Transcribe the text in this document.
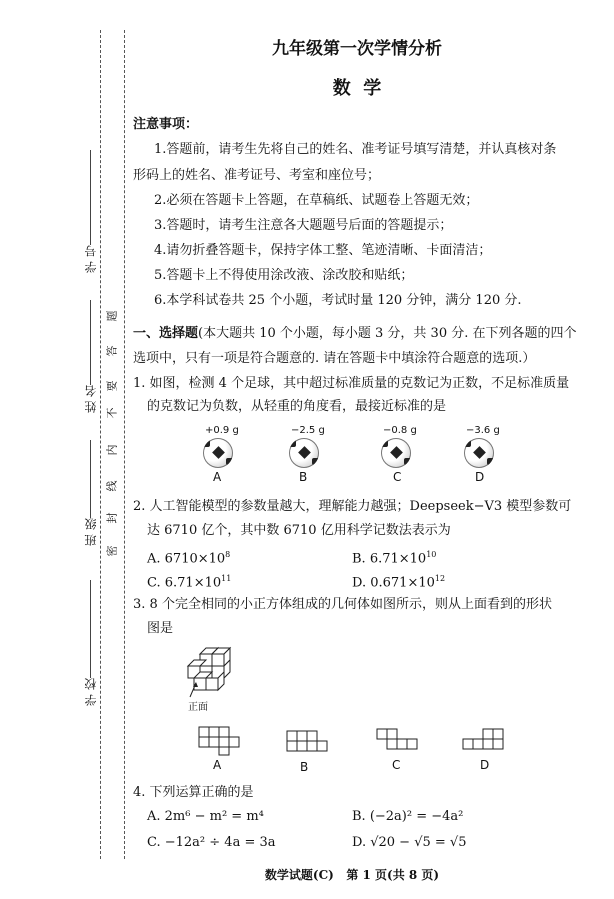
学 号
姓 名
班 级
学 校
题
答
要
不
内
线
封
密
九年级第一次学情分析
数  学
注意事项：
1.答题前，请考生先将自己的姓名、准考证号填写清楚，并认真核对条
形码上的姓名、准考证号、考室和座位号；
2.必须在答题卡上答题，在草稿纸、试题卷上答题无效；
3.答题时，请考生注意各大题题号后面的答题提示；
4.请勿折叠答题卡，保持字体工整、笔迹清晰、卡面清洁；
5.答题卡上不得使用涂改液、涂改胶和贴纸；
6.本学科试卷共 25 个小题，考试时量 120 分钟，满分 120 分.
一、选择题(本大题共 10 个小题，每小题 3 分，共 30 分. 在下列各题的四个
选项中，只有一项是符合题意的. 请在答题卡中填涂符合题意的选项.）
1. 如图，检测 4 个足球，其中超过标准质量的克数记为正数，不足标准质量
的克数记为负数，从轻重的角度看，最接近标准的是
+0.9 g
A
−2.5 g
B
−0.8 g
C
−3.6 g
D
2. 人工智能模型的参数量越大，理解能力越强；Deepseek−V3 模型参数可
达 6710 亿个，其中数 6710 亿用科学记数法表示为
A. $6710\times 10^8$	B. $6.71\times 10^{10}$
C. $6.71\times 10^{11}$	D. $0.671\times 10^{12}$
3. 8 个完全相同的小正方体组成的几何体如图所示，则从上面看到的形状
图是
正面
A	B	C	D
4. 下列运算正确的是
A. 2m⁶ − m² = m⁴	B. (−2a)² = −4a²
C. −12a² ÷ 4a = 3a	D. √20 − √5 = √5
数学试题(C)   第 1 页(共 8 页)
